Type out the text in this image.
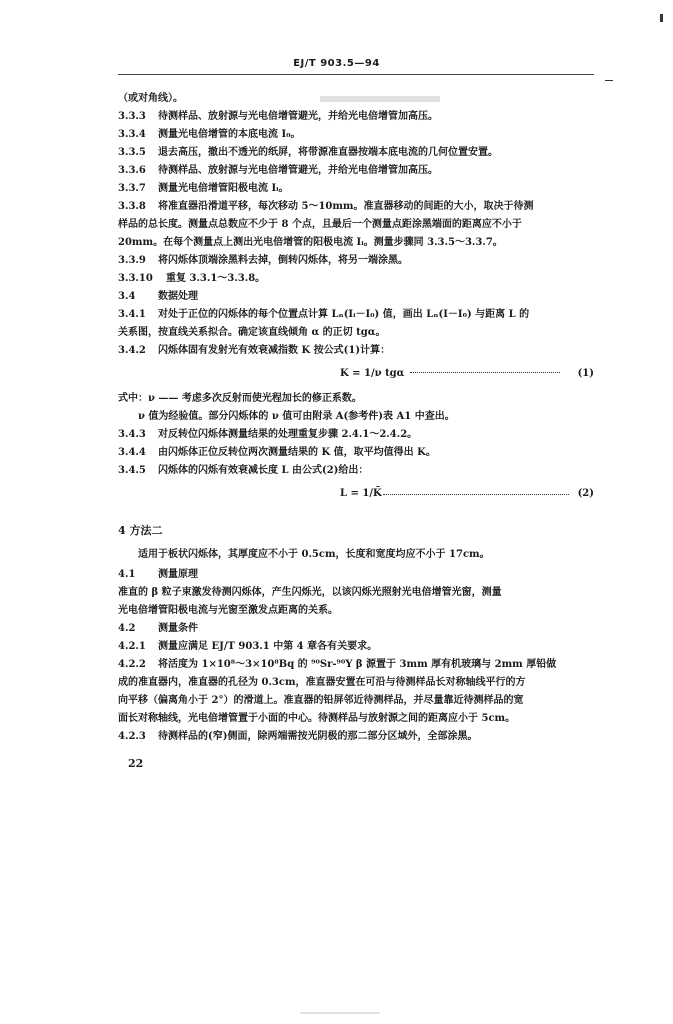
EJ/T 903.5—94
（或对角线）。
3.3.3 待测样品、放射源与光电倍增管避光，并给光电倍增管加高压。
3.3.4 测量光电倍增管的本底电流 I₀。
3.3.5 退去高压，撤出不透光的纸屏，将带源准直器按端本底电流的几何位置安置。
3.3.6 待测样品、放射源与光电倍增管避光，并给光电倍增管加高压。
3.3.7 测量光电倍增管阳极电流 Iᵢ。
3.3.8 将准直器沿滑道平移，每次移动 5～10mm。准直器移动的间距的大小，取决于待测
样品的总长度。测量点总数应不少于 8 个点，且最后一个测量点距涂黑端面的距离应不小于
20mm。在每个测量点上测出光电倍增管的阳极电流 Iᵢ。测量步骤同 3.3.5～3.3.7。
3.3.9 将闪烁体顶端涂黑料去掉，倒转闪烁体，将另一端涂黑。
3.3.10 重复 3.3.1～3.3.8。
3.4 数据处理
3.4.1 对处于正位的闪烁体的每个位置点计算 Lₙ(Iᵢ－I₀) 值，画出 Lₙ(I－I₀) 与距离 L 的
关系图，按直线关系拟合。确定该直线倾角 α 的正切 tgα。
3.4.2 闪烁体固有发射光有效衰减指数 K 按公式(1)计算：
K = 1/ν tgα	(1)
式中：ν —— 考虑多次反射而使光程加长的修正系数。
ν 值为经验值。部分闪烁体的 ν 值可由附录 A(参考件)表 A1 中查出。
3.4.3 对反转位闪烁体测量结果的处理重复步骤 2.4.1～2.4.2。
3.4.4 由闪烁体正位反转位两次测量结果的 K 值，取平均值得出 K̄。
3.4.5 闪烁体的闪烁有效衰减长度 L 由公式(2)给出：
L = 1/K̄	(2)
4 方法二
适用于板状闪烁体，其厚度应不小于 0.5cm，长度和宽度均应不小于 17cm。
4.1 测量原理
准直的 β 粒子束激发待测闪烁体，产生闪烁光，以该闪烁光照射光电倍增管光窗，测量
光电倍增管阳极电流与光窗至激发点距离的关系。
4.2 测量条件
4.2.1 测量应满足 EJ/T 903.1 中第 4 章各有关要求。
4.2.2 将活度为 1×10⁸～3×10⁸Bq 的 ⁹⁰Sr-⁹⁰Y β 源置于 3mm 厚有机玻璃与 2mm 厚铅做
成的准直器内，准直器的孔径为 0.3cm，准直器安置在可沿与待测样品长对称轴线平行的方
向平移（偏离角小于 2°）的滑道上。准直器的铅屏邻近待测样品，并尽量靠近待测样品的宽
面长对称轴线，光电倍增管置于小面的中心。待测样品与放射源之间的距离应小于 5cm。
4.2.3 待测样品的(窄)侧面，除两端需按光阴极的那二部分区域外，全部涂黑。
22
